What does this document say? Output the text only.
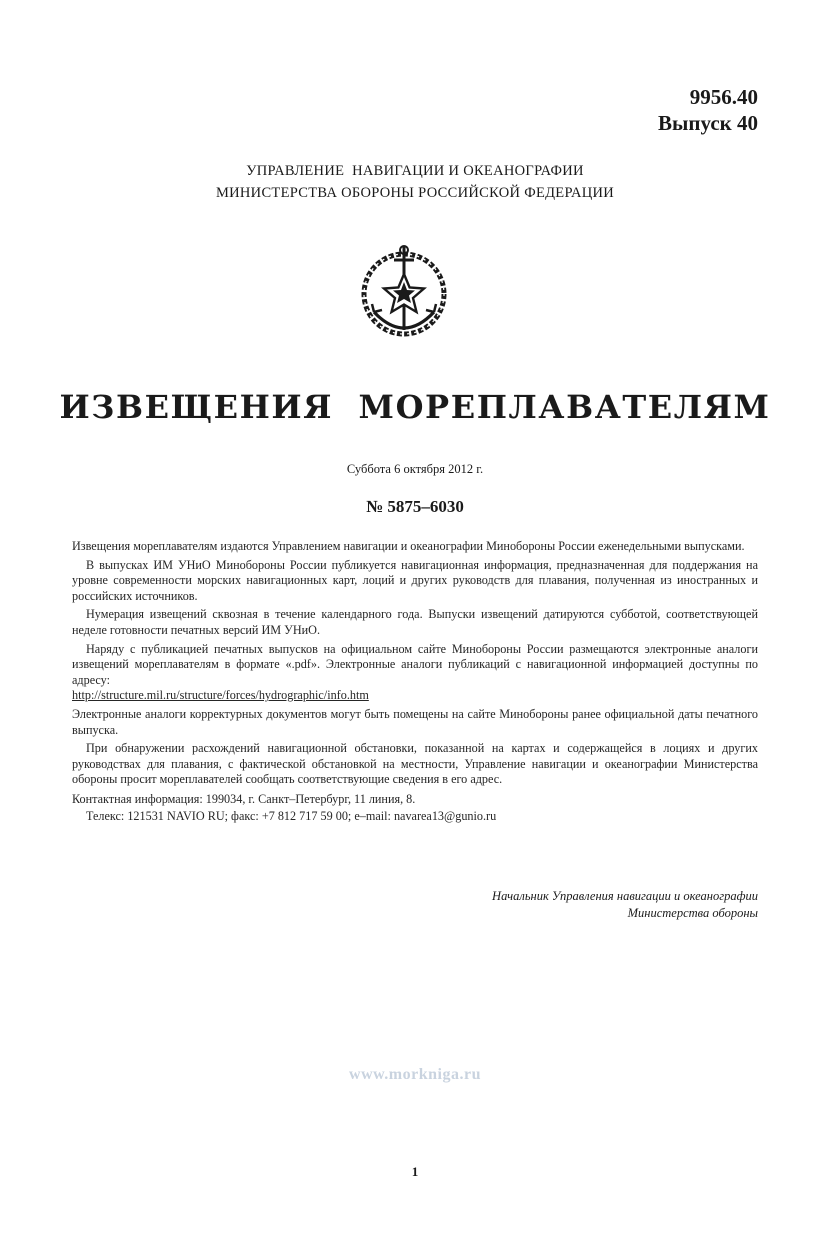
9956.40
Выпуск 40
УПРАВЛЕНИЕ  НАВИГАЦИИ И ОКЕАНОГРАФИИ
МИНИСТЕРСТВА ОБОРОНЫ РОССИЙСКОЙ ФЕДЕРАЦИИ
ИЗВЕЩЕНИЯ  МОРЕПЛАВАТЕЛЯМ
Суббота 6 октября 2012 г.
№ 5875–6030

Извещения мореплавателям издаются Управлением навигации и океанографии Минобороны России еженедельными выпусками.

В выпусках ИМ УНиО Минобороны России публикуется навигационная информация, предназначенная для поддержания на уровне современности морских навигационных карт, лоций и других руководств для плавания, полученная из иностранных и российских источников.

Нумерация извещений сквозная в течение календарного года. Выпуски извещений датируются субботой, соответствующей неделе готовности печатных версий ИМ УНиО.

Наряду с публикацией печатных выпусков на официальном сайте Минобороны России размещаются электронные аналоги извещений мореплавателям в формате «.pdf». Электронные аналоги публикаций с навигационной информацией доступны по адресу:
http://structure.mil.ru/structure/forces/hydrographic/info.htm

Электронные аналоги корректурных документов могут быть помещены на сайте Минобороны ранее официальной даты печатного выпуска.

При обнаружении расхождений навигационной обстановки, показанной на картах и содержащейся в лоциях и других руководствах для плавания, с фактической обстановкой на местности, Управление навигации и океанографии Министерства обороны просит мореплавателей сообщать соответствующие сведения в его адрес.

Контактная информация: 199034, г. Санкт–Петербург, 11 линия, 8.
Телекс: 121531 NAVIO RU; факс: +7 812 717 59 00; e–mail: navarea13@gunio.ru
Начальник Управления навигации и океанографии
Министерства обороны
www.morkniga.ru
1
